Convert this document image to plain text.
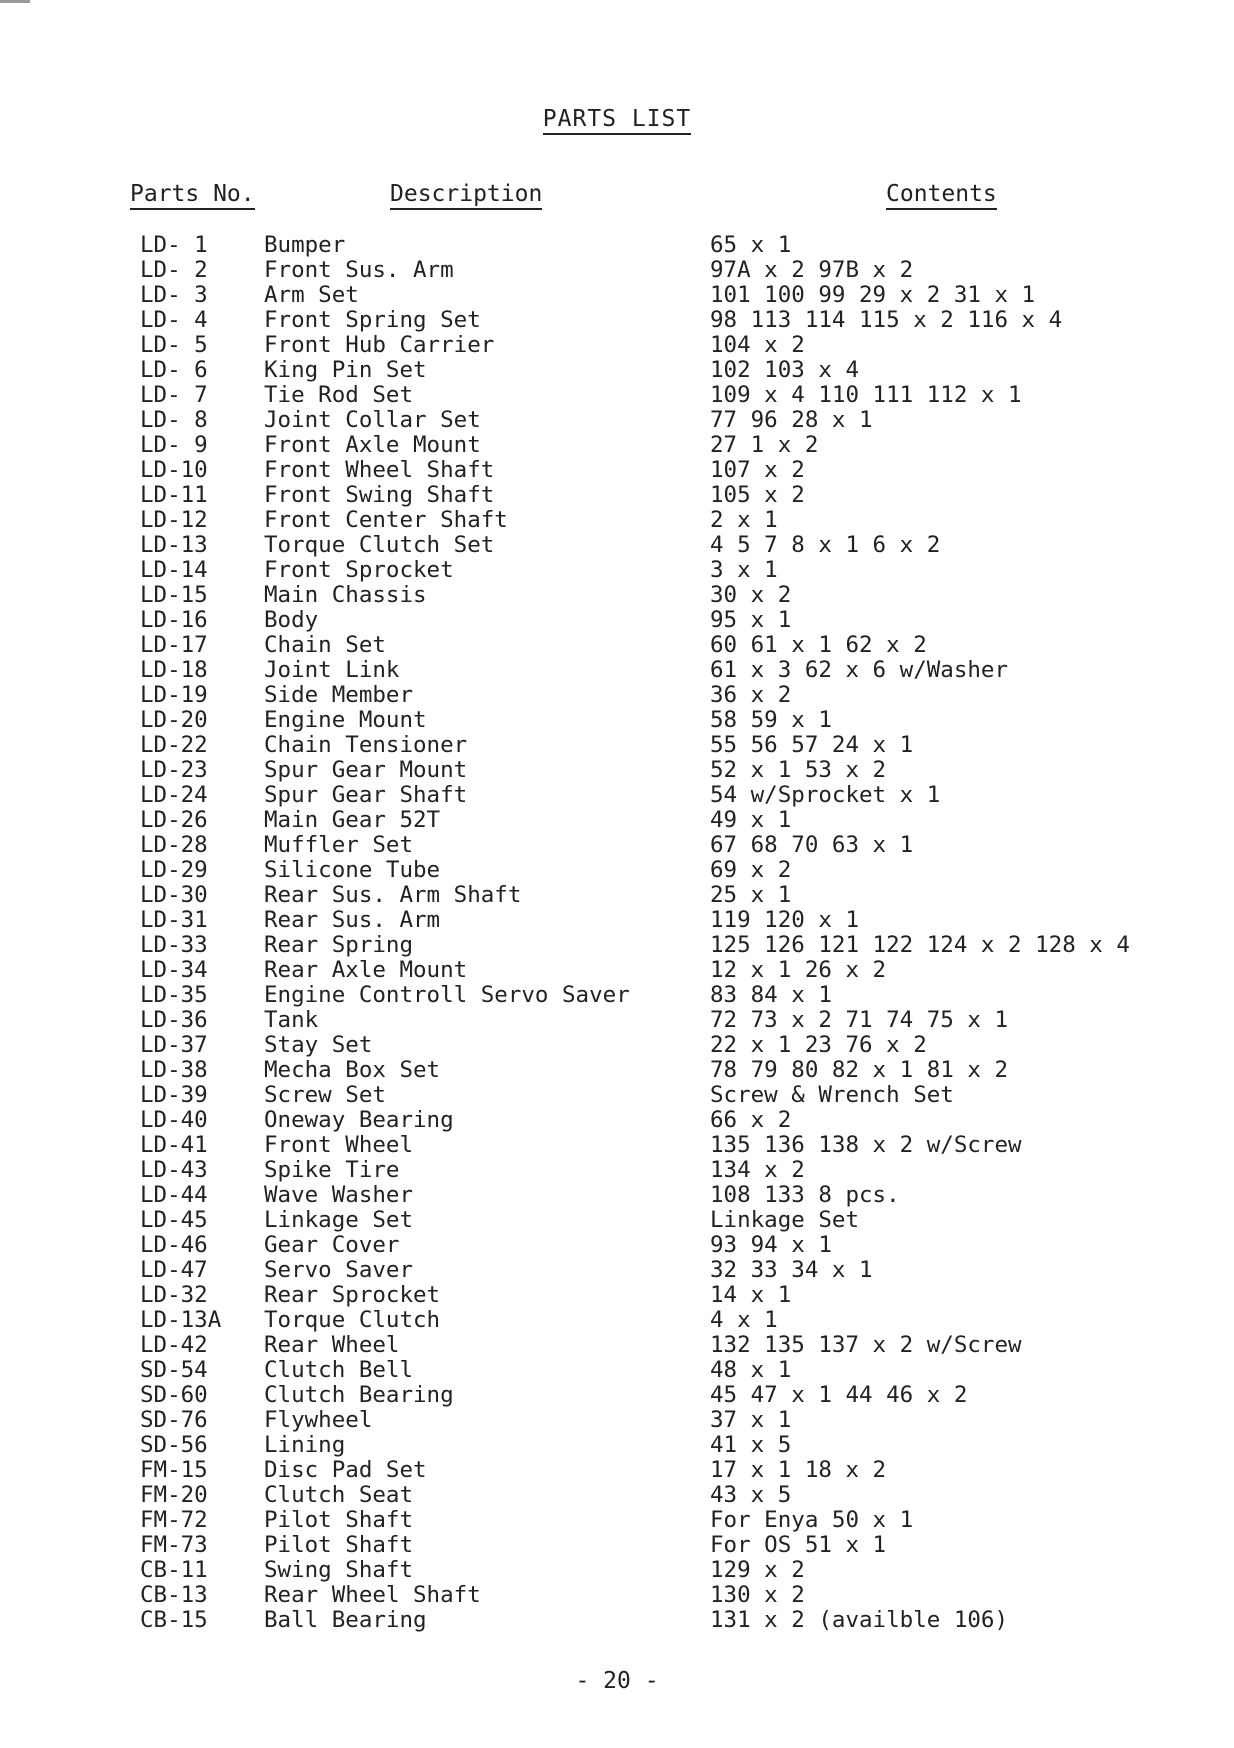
PARTS LIST
Parts No.	Description	Contents
LD- 1	Bumper	65 x 1
LD- 2	Front Sus. Arm	97A x 2 97B x 2
LD- 3	Arm Set	101 100 99 29 x 2 31 x 1
LD- 4	Front Spring Set	98 113 114 115 x 2 116 x 4
LD- 5	Front Hub Carrier	104 x 2
LD- 6	King Pin Set	102 103 x 4
LD- 7	Tie Rod Set	109 x 4 110 111 112 x 1
LD- 8	Joint Collar Set	77 96 28 x 1
LD- 9	Front Axle Mount	27 1 x 2
LD-10	Front Wheel Shaft	107 x 2
LD-11	Front Swing Shaft	105 x 2
LD-12	Front Center Shaft	2 x 1
LD-13	Torque Clutch Set	4 5 7 8 x 1 6 x 2
LD-14	Front Sprocket	3 x 1
LD-15	Main Chassis	30 x 2
LD-16	Body	95 x 1
LD-17	Chain Set	60 61 x 1 62 x 2
LD-18	Joint Link	61 x 3 62 x 6 w/Washer
LD-19	Side Member	36 x 2
LD-20	Engine Mount	58 59 x 1
LD-22	Chain Tensioner	55 56 57 24 x 1
LD-23	Spur Gear Mount	52 x 1 53 x 2
LD-24	Spur Gear Shaft	54 w/Sprocket x 1
LD-26	Main Gear 52T	49 x 1
LD-28	Muffler Set	67 68 70 63 x 1
LD-29	Silicone Tube	69 x 2
LD-30	Rear Sus. Arm Shaft	25 x 1
LD-31	Rear Sus. Arm	119 120 x 1
LD-33	Rear Spring	125 126 121 122 124 x 2 128 x 4
LD-34	Rear Axle Mount	12 x 1 26 x 2
LD-35	Engine Controll Servo Saver	83 84 x 1
LD-36	Tank	72 73 x 2 71 74 75 x 1
LD-37	Stay Set	22 x 1 23 76 x 2
LD-38	Mecha Box Set	78 79 80 82 x 1 81 x 2
LD-39	Screw Set	Screw & Wrench Set
LD-40	Oneway Bearing	66 x 2
LD-41	Front Wheel	135 136 138 x 2 w/Screw
LD-43	Spike Tire	134 x 2
LD-44	Wave Washer	108 133 8 pcs.
LD-45	Linkage Set	Linkage Set
LD-46	Gear Cover	93 94 x 1
LD-47	Servo Saver	32 33 34 x 1
LD-32	Rear Sprocket	14 x 1
LD-13A Torque Clutch	4 x 1
LD-42	Rear Wheel	132 135 137 x 2 w/Screw
SD-54	Clutch Bell	48 x 1
SD-60	Clutch Bearing	45 47 x 1 44 46 x 2
SD-76	Flywheel	37 x 1
SD-56	Lining	41 x 5
FM-15	Disc Pad Set	17 x 1 18 x 2
FM-20	Clutch Seat	43 x 5
FM-72	Pilot Shaft	For Enya 50 x 1
FM-73	Pilot Shaft	For OS 51 x 1
CB-11	Swing Shaft	129 x 2
CB-13	Rear Wheel Shaft	130 x 2
CB-15	Ball Bearing	131 x 2 (availble 106)
- 20 -
